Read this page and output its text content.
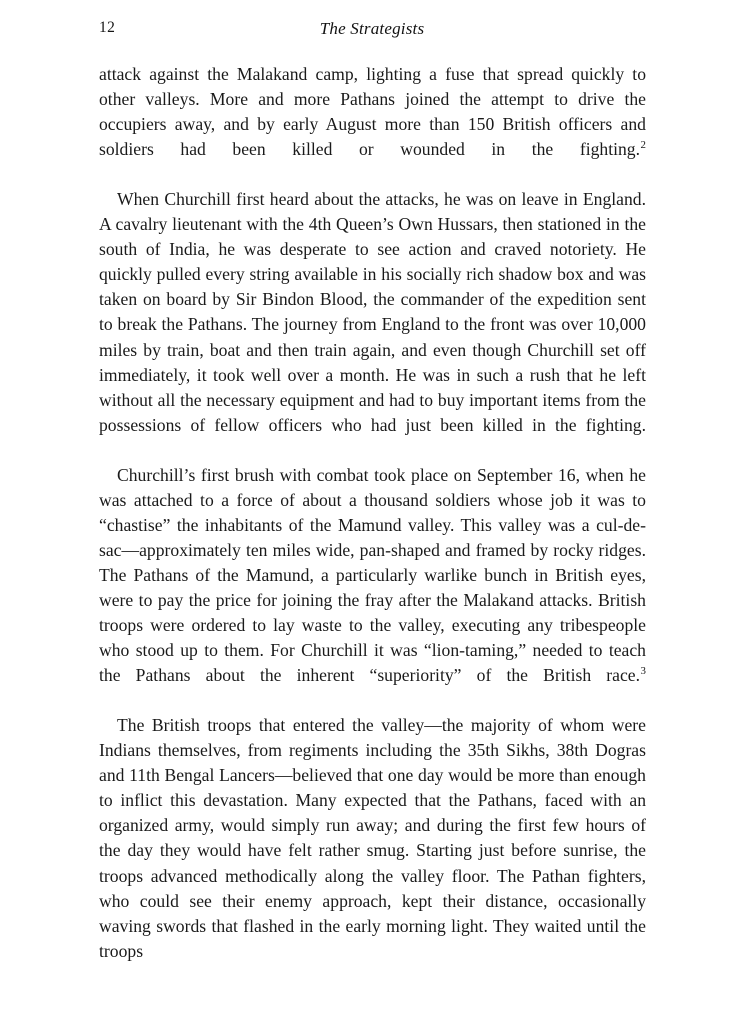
12	The Strategists

attack against the Malakand camp, lighting a fuse that spread quickly to other valleys. More and more Pathans joined the attempt to drive the occupiers away, and by early August more than 150 British officers and soldiers had been killed or wounded in the fighting.$^2$

When Churchill first heard about the attacks, he was on leave in England. A cavalry lieutenant with the 4th Queen’s Own Hussars, then stationed in the south of India, he was desperate to see action and craved notoriety. He quickly pulled every string available in his socially rich shadow box and was taken on board by Sir Bindon Blood, the commander of the expedition sent to break the Pathans. The journey from England to the front was over 10,000 miles by train, boat and then train again, and even though Churchill set off immediately, it took well over a month. He was in such a rush that he left without all the necessary equipment and had to buy important items from the possessions of fellow officers who had just been killed in the fighting.

Churchill’s first brush with combat took place on September 16, when he was attached to a force of about a thousand soldiers whose job it was to “chastise” the inhabitants of the Mamund valley. This valley was a cul-de-sac—approximately ten miles wide, pan-shaped and framed by rocky ridges. The Pathans of the Mamund, a particularly warlike bunch in British eyes, were to pay the price for joining the fray after the Malakand attacks. British troops were ordered to lay waste to the valley, executing any tribespeople who stood up to them. For Churchill it was “lion-taming,” needed to teach the Pathans about the inherent “superiority” of the British race.$^3$

The British troops that entered the valley—the majority of whom were Indians themselves, from regiments including the 35th Sikhs, 38th Dogras and 11th Bengal Lancers—believed that one day would be more than enough to inflict this devastation. Many expected that the Pathans, faced with an organized army, would simply run away; and during the first few hours of the day they would have felt rather smug. Starting just before sunrise, the troops advanced methodically along the valley floor. The Pathan fighters, who could see their enemy approach, kept their distance, occasionally waving swords that flashed in the early morning light. They waited until the troops
